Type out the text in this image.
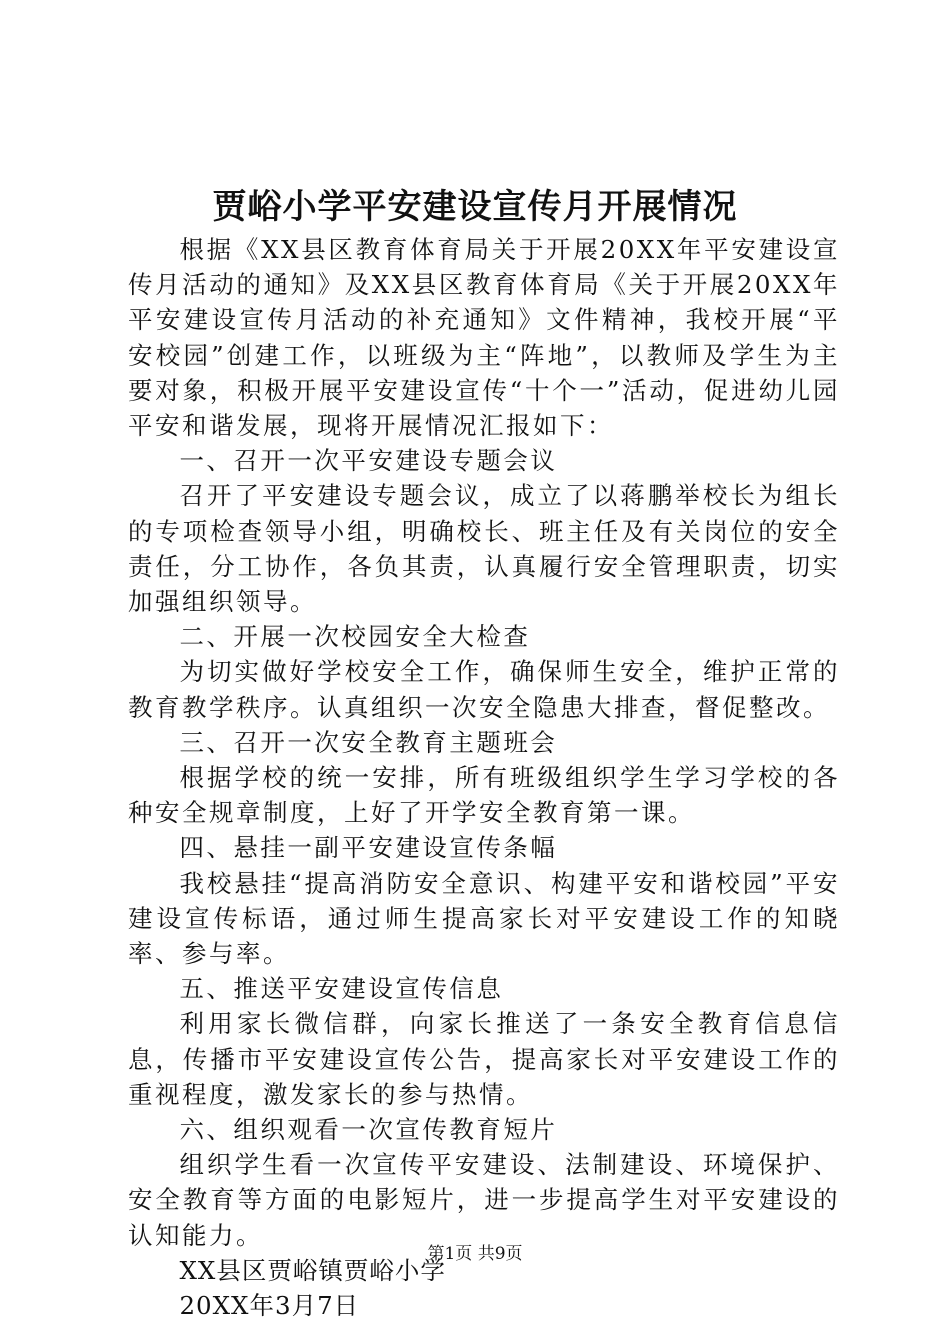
贾峪小学平安建设宣传月开展情况

根据《XX县区教育体育局关于开展20XX年平安建设宣传月活动的通知》及XX县区教育体育局《关于开展20XX年平安建设宣传月活动的补充通知》文件精神，我校开展“平安校园”创建工作，以班级为主“阵地”，以教师及学生为主要对象，积极开展平安建设宣传“十个一”活动，促进幼儿园平安和谐发展，现将开展情况汇报如下：

一、召开一次平安建设专题会议

召开了平安建设专题会议，成立了以蒋鹏举校长为组长的专项检查领导小组，明确校长、班主任及有关岗位的安全责任，分工协作，各负其责，认真履行安全管理职责，切实加强组织领导。

二、开展一次校园安全大检查

为切实做好学校安全工作，确保师生安全，维护正常的教育教学秩序。认真组织一次安全隐患大排查，督促整改。

三、召开一次安全教育主题班会

根据学校的统一安排，所有班级组织学生学习学校的各种安全规章制度，上好了开学安全教育第一课。

四、悬挂一副平安建设宣传条幅

我校悬挂“提高消防安全意识、构建平安和谐校园”平安建设宣传标语，通过师生提高家长对平安建设工作的知晓率、参与率。

五、推送平安建设宣传信息

利用家长微信群，向家长推送了一条安全教育信息信息，传播市平安建设宣传公告，提高家长对平安建设工作的重视程度，激发家长的参与热情。

六、组织观看一次宣传教育短片

组织学生看一次宣传平安建设、法制建设、环境保护、安全教育等方面的电影短片，进一步提高学生对平安建设的认知能力。

XX县区贾峪镇贾峪小学

20XX年3月7日

第1页 共9页
